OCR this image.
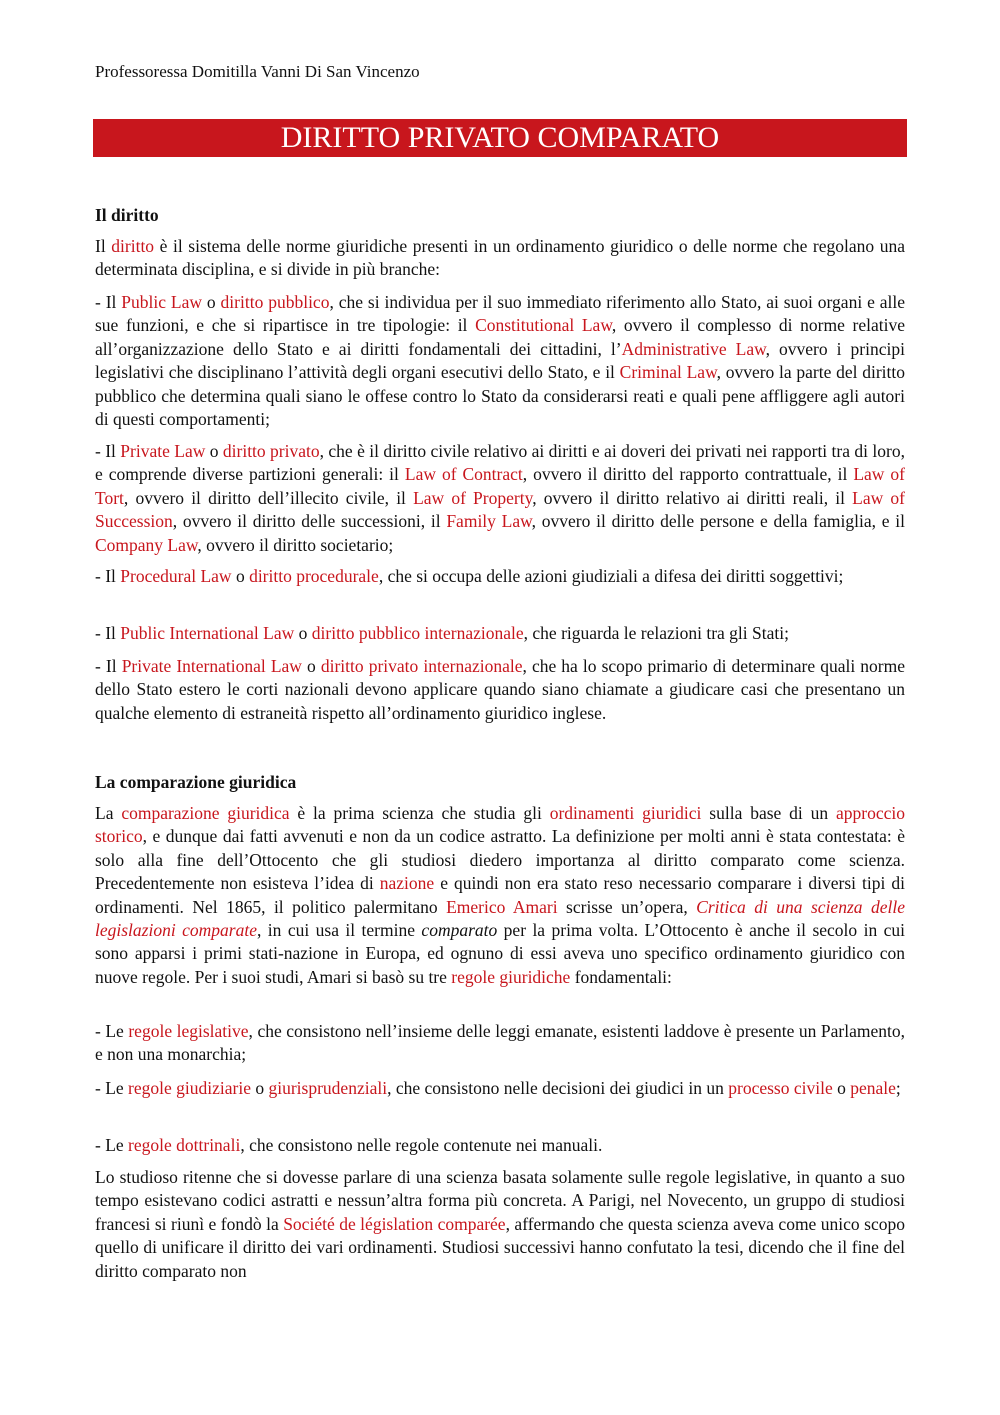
Professoressa Domitilla Vanni Di San Vincenzo
DIRITTO PRIVATO COMPARATO
Il diritto
Il diritto è il sistema delle norme giuridiche presenti in un ordinamento giuridico o delle norme che regolano una determinata disciplina, e si divide in più branche:
- Il Public Law o diritto pubblico, che si individua per il suo immediato riferimento allo Stato, ai suoi organi e alle sue funzioni, e che si ripartisce in tre tipologie: il Constitutional Law, ovvero il complesso di norme relative all’organizzazione dello Stato e ai diritti fondamentali dei cittadini, l’Administrative Law, ovvero i principi legislativi che disciplinano l’attività degli organi esecutivi dello Stato, e il Criminal Law, ovvero la parte del diritto pubblico che determina quali siano le offese contro lo Stato da considerarsi reati e quali pene affliggere agli autori di questi comportamenti;
- Il Private Law o diritto privato, che è il diritto civile relativo ai diritti e ai doveri dei privati nei rapporti tra di loro, e comprende diverse partizioni generali: il Law of Contract, ovvero il diritto del rapporto contrattuale, il Law of Tort, ovvero il diritto dell’illecito civile, il Law of Property, ovvero il diritto relativo ai diritti reali, il Law of Succession, ovvero il diritto delle successioni, il Family Law, ovvero il diritto delle persone e della famiglia, e il Company Law, ovvero il diritto societario;
- Il Procedural Law o diritto procedurale, che si occupa delle azioni giudiziali a difesa dei diritti soggettivi;
- Il Public International Law o diritto pubblico internazionale, che riguarda le relazioni tra gli Stati;
- Il Private International Law o diritto privato internazionale, che ha lo scopo primario di determinare quali norme dello Stato estero le corti nazionali devono applicare quando siano chiamate a giudicare casi che presentano un qualche elemento di estraneità rispetto all’ordinamento giuridico inglese.
La comparazione giuridica
La comparazione giuridica è la prima scienza che studia gli ordinamenti giuridici sulla base di un approccio storico, e dunque dai fatti avvenuti e non da un codice astratto. La definizione per molti anni è stata contestata: è solo alla fine dell’Ottocento che gli studiosi diedero importanza al diritto comparato come scienza. Precedentemente non esisteva l’idea di nazione e quindi non era stato reso necessario comparare i diversi tipi di ordinamenti. Nel 1865, il politico palermitano Emerico Amari scrisse un’opera, Critica di una scienza delle legislazioni comparate, in cui usa il termine comparato per la prima volta. L’Ottocento è anche il secolo in cui sono apparsi i primi stati-nazione in Europa, ed ognuno di essi aveva uno specifico ordinamento giuridico con nuove regole. Per i suoi studi, Amari si basò su tre regole giuridiche fondamentali:
- Le regole legislative, che consistono nell’insieme delle leggi emanate, esistenti laddove è presente un Parlamento, e non una monarchia;
- Le regole giudiziarie o giurisprudenziali, che consistono nelle decisioni dei giudici in un processo civile o penale;
- Le regole dottrinali, che consistono nelle regole contenute nei manuali.
Lo studioso ritenne che si dovesse parlare di una scienza basata solamente sulle regole legislative, in quanto a suo tempo esistevano codici astratti e nessun’altra forma più concreta. A Parigi, nel Novecento, un gruppo di studiosi francesi si riunì e fondò la Société de législation comparée, affermando che questa scienza aveva come unico scopo quello di unificare il diritto dei vari ordinamenti. Studiosi successivi hanno confutato la tesi, dicendo che il fine del diritto comparato non
